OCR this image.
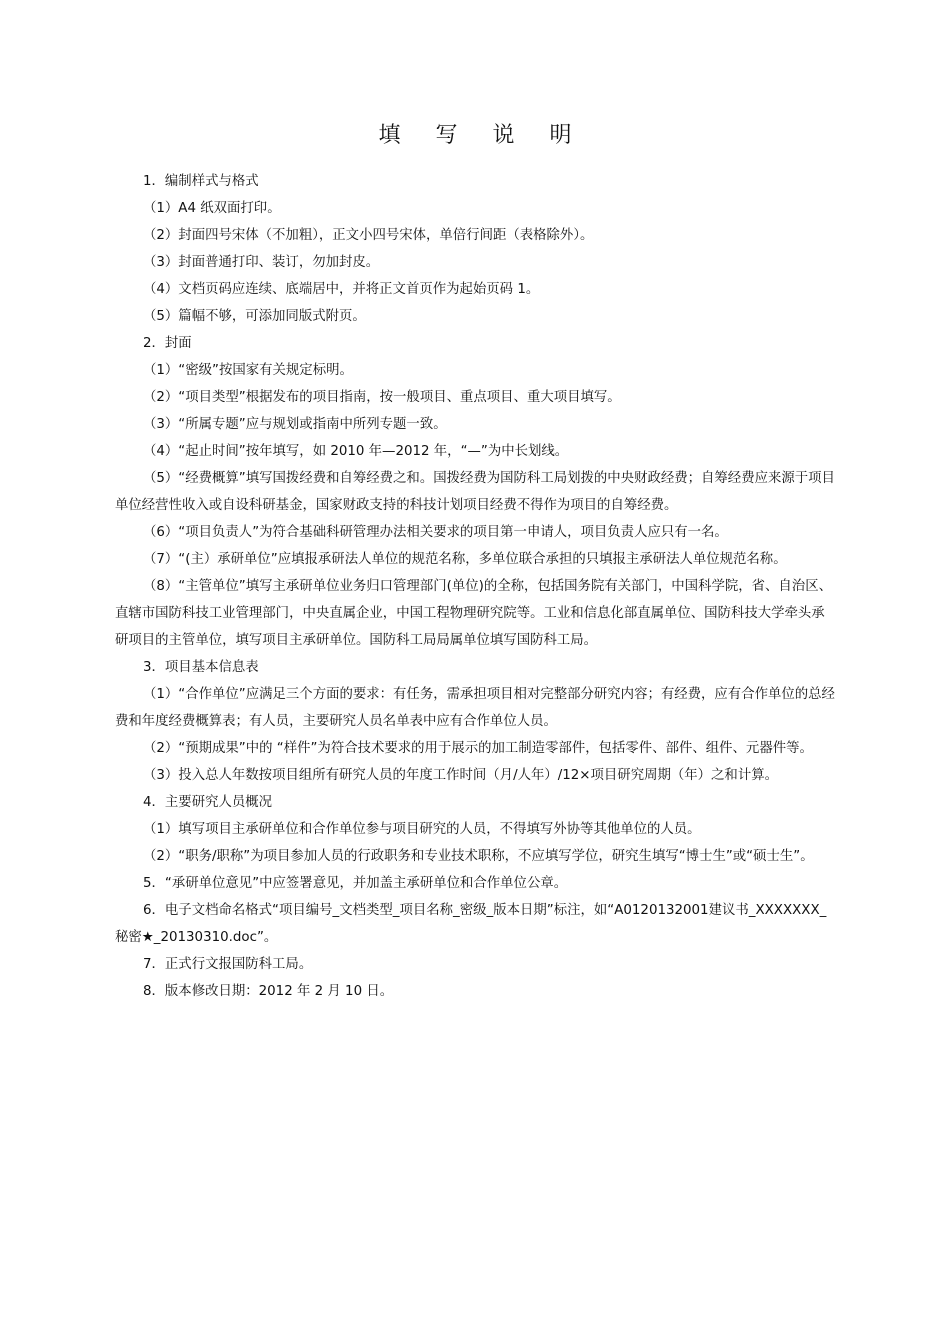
填 写 说 明

1．编制样式与格式

（1）A4 纸双面打印。

（2）封面四号宋体（不加粗），正文小四号宋体，单倍行间距（表格除外）。

（3）封面普通打印、装订，勿加封皮。

（4）文档页码应连续、底端居中，并将正文首页作为起始页码 1。

（5）篇幅不够，可添加同版式附页。

2．封面

（1）“密级”按国家有关规定标明。

（2）“项目类型”根据发布的项目指南，按一般项目、重点项目、重大项目填写。

（3）“所属专题”应与规划或指南中所列专题一致。

（4）“起止时间”按年填写，如 2010 年—2012 年，“—”为中长划线。

（5）“经费概算”填写国拨经费和自筹经费之和。国拨经费为国防科工局划拨的中央财政经费；自筹经费应来源于项目单位经营性收入或自设科研基金，国家财政支持的科技计划项目经费不得作为项目的自筹经费。

（6）“项目负责人”为符合基础科研管理办法相关要求的项目第一申请人，项目负责人应只有一名。

（7）“(主）承研单位”应填报承研法人单位的规范名称，多单位联合承担的只填报主承研法人单位规范名称。

（8）“主管单位”填写主承研单位业务归口管理部门(单位)的全称，包括国务院有关部门，中国科学院，省、自治区、直辖市国防科技工业管理部门，中央直属企业，中国工程物理研究院等。工业和信息化部直属单位、国防科技大学牵头承研项目的主管单位，填写项目主承研单位。国防科工局局属单位填写国防科工局。

3．项目基本信息表

（1）“合作单位”应满足三个方面的要求：有任务，需承担项目相对完整部分研究内容；有经费，应有合作单位的总经费和年度经费概算表；有人员，主要研究人员名单表中应有合作单位人员。

（2）“预期成果”中的 “样件”为符合技术要求的用于展示的加工制造零部件，包括零件、部件、组件、元器件等。

（3）投入总人年数按项目组所有研究人员的年度工作时间（月/人年）/12×项目研究周期（年）之和计算。

4．主要研究人员概况

（1）填写项目主承研单位和合作单位参与项目研究的人员，不得填写外协等其他单位的人员。

（2）“职务/职称”为项目参加人员的行政职务和专业技术职称，不应填写学位，研究生填写“博士生”或“硕士生”。

5．“承研单位意见”中应签署意见，并加盖主承研单位和合作单位公章。

6．电子文档命名格式“项目编号_文档类型_项目名称_密级_版本日期”标注，如“A0120132001建议书_XXXXXXX_秘密★_20130310.doc”。

7．正式行文报国防科工局。

8．版本修改日期：2012 年 2 月 10 日。
